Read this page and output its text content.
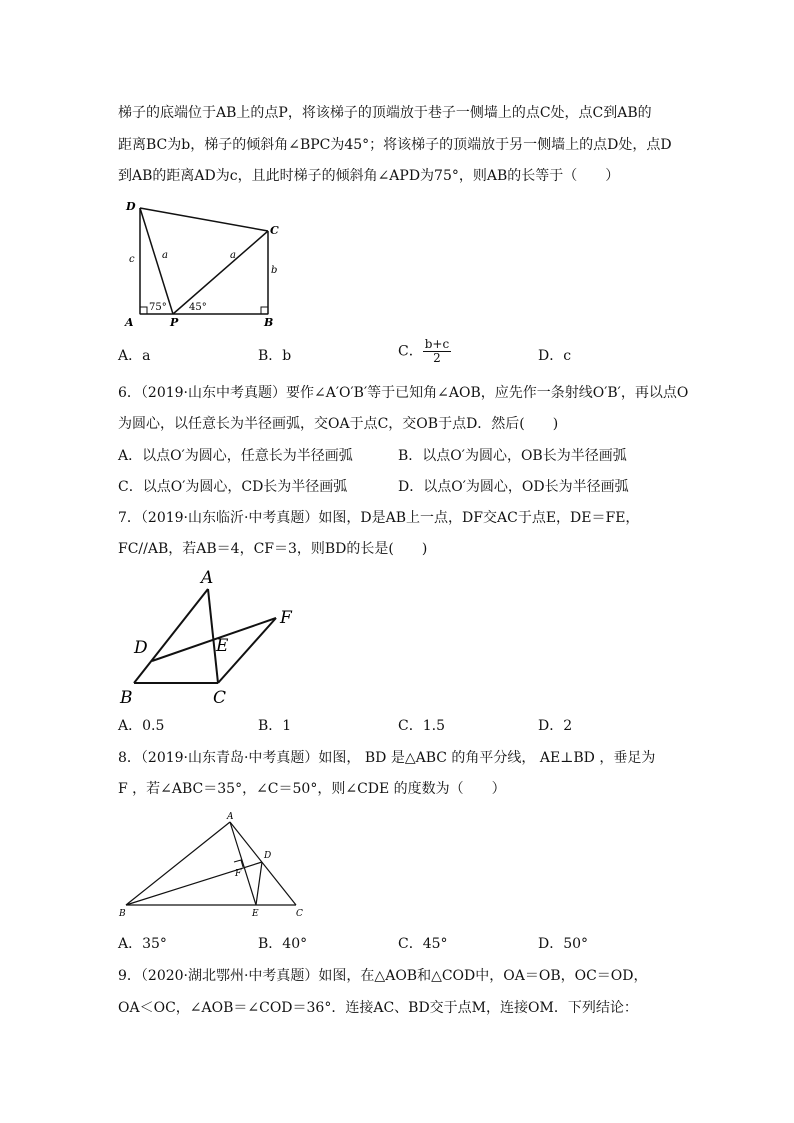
梯子的底端位于AB上的点P，将该梯子的顶端放于巷子一侧墙上的点C处，点C到AB的
距离BC为b，梯子的倾斜角∠BPC为45°；将该梯子的顶端放于另一侧墙上的点D处，点D
到AB的距离AD为c，且此时梯子的倾斜角∠APD为75°，则AB的长等于（　　）
D
C
A	P	B
a	a
c
b
75° 45°
A．a	B．b	C． $\frac{b+c}{2}$	D．c
6．（2019·山东中考真题）要作∠A′O′B′等于已知角∠AOB，应先作一条射线O′B′，再以点O
为圆心，以任意长为半径画弧，交OA于点C，交OB于点D．然后(　　)
A．以点O′为圆心，任意长为半径画弧	B．以点O′为圆心，OB长为半径画弧
C．以点O′为圆心，CD长为半径画弧	D．以点O′为圆心，OD长为半径画弧
7．（2019·山东临沂·中考真题）如图，D是AB上一点，DF交AC于点E，DE＝FE，
FC//AB，若AB＝4，CF＝3，则BD的长是(　　)
A
B	C
D	E
F
A．0.5	B．1	C．1.5	D．2
8．（2019·山东青岛·中考真题）如图， BD 是△ABC 的角平分线， AE⊥BD ，垂足为
F ，若∠ABC＝35°，∠C＝50°，则∠CDE 的度数为（　　）
A
B	C
D
E
F
A．35°	B．40°	C．45°	D．50°
9．（2020·湖北鄂州·中考真题）如图，在△AOB和△COD中，OA＝OB，OC＝OD，
OA＜OC，∠AOB＝∠COD＝36°．连接AC、BD交于点M，连接OM．下列结论：
